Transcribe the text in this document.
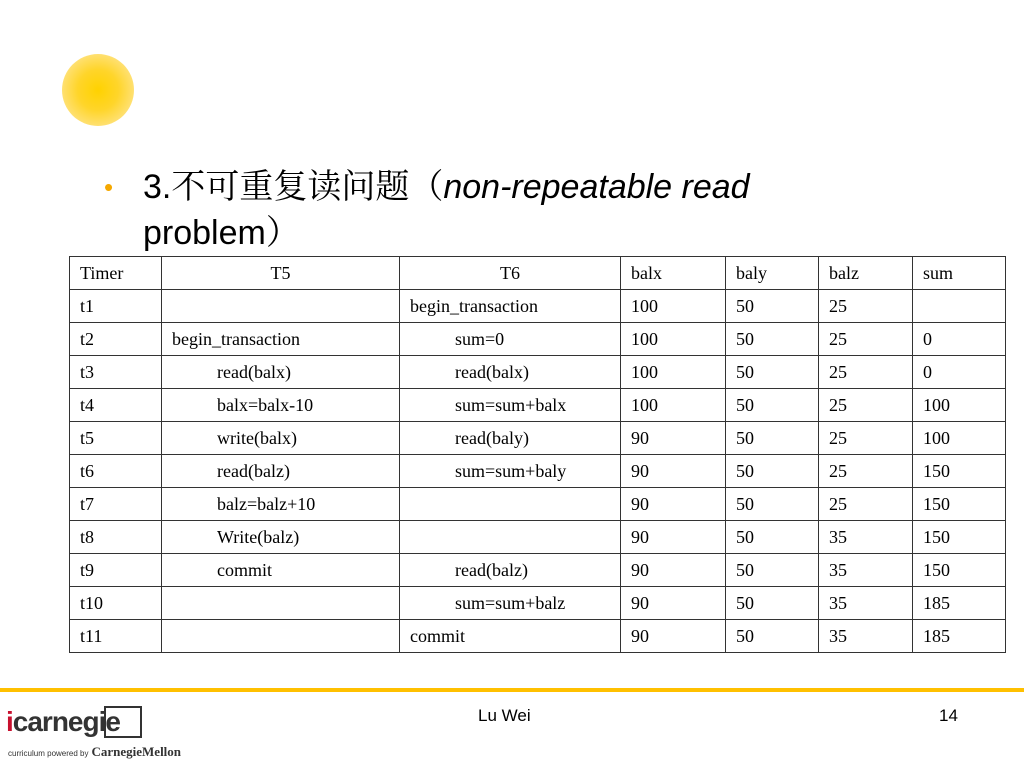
• 3.不可重复读问题（non-repeatable read
problem）
Timer	T5	T6	balx	baly	balz	sum
t1		begin_transaction	100	50	25	
t2	begin_transaction	sum=0	100	50	25	0
t3	read(balx)	read(balx)	100	50	25	0
t4	balx=balx-10	sum=sum+balx	100	50	25	100
t5	write(balx)	read(baly)	90	50	25	100
t6	read(balz)	sum=sum+baly	90	50	25	150
t7	balz=balz+10		90	50	25	150
t8	Write(balz)		90	50	35	150
t9	commit	read(balz)	90	50	35	150
t10		sum=sum+balz	90	50	35	185
t11		commit	90	50	35	185
Lu Wei	14
icarnegie
curriculum powered by CarnegieMellon
